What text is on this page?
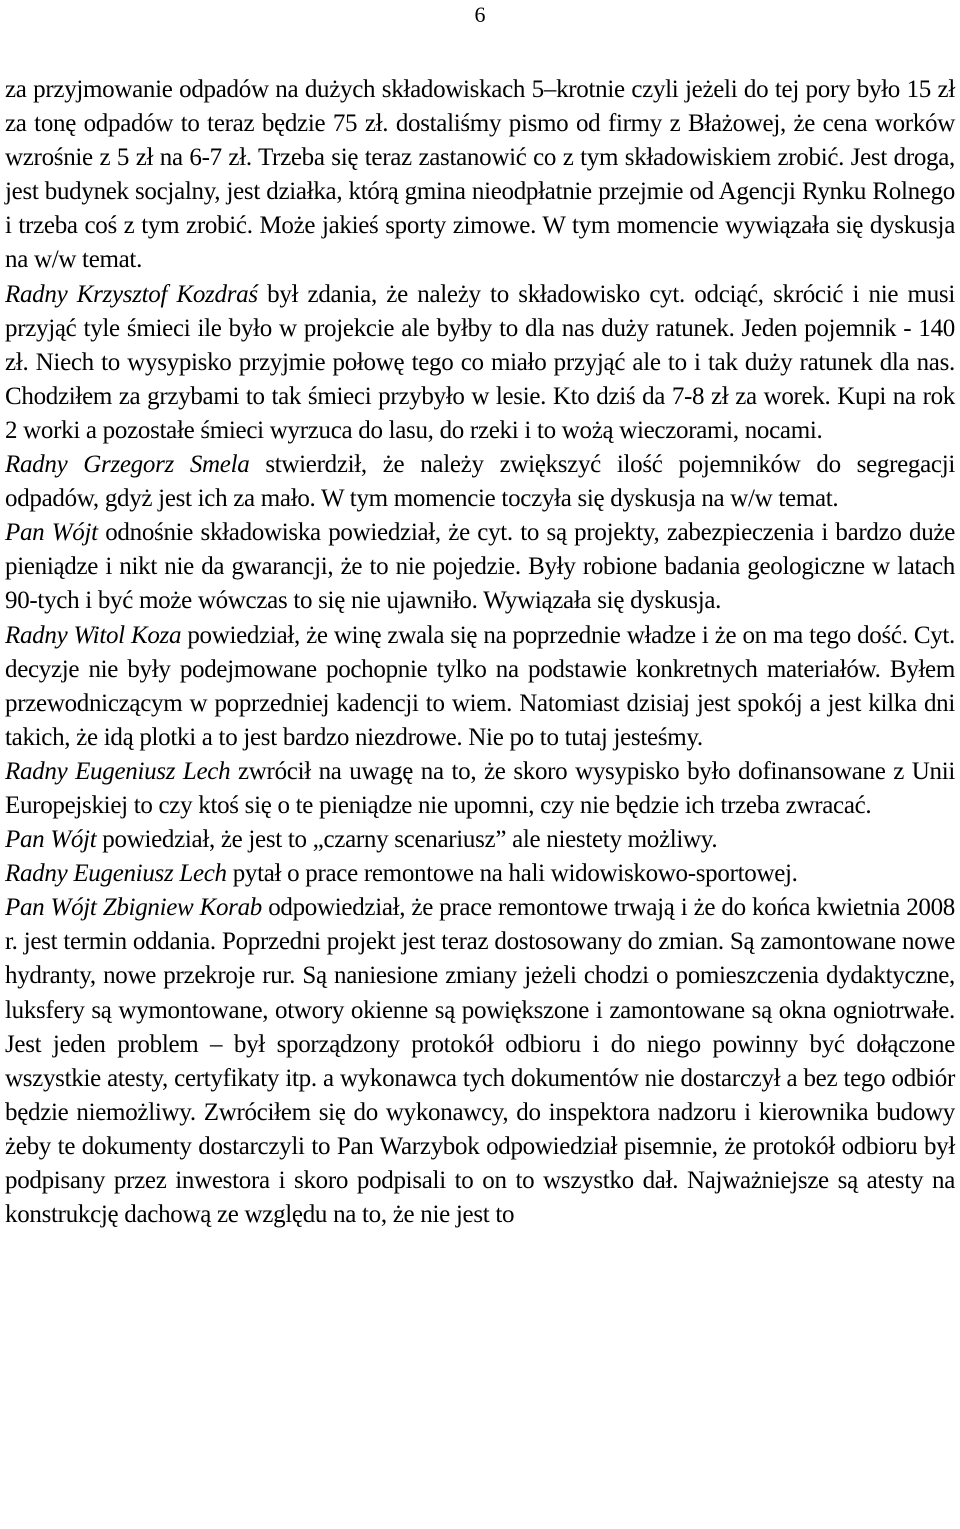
6

za przyjmowanie odpadów na dużych składowiskach 5–krotnie czyli jeżeli do tej pory było 15 zł za tonę odpadów to teraz będzie 75 zł. dostaliśmy pismo od firmy z Błażowej, że cena worków wzrośnie z 5 zł na 6-7 zł. Trzeba się teraz zastanowić co z tym składowiskiem zrobić. Jest droga, jest budynek socjalny, jest działka, którą gmina nieodpłatnie przejmie od Agencji Rynku Rolnego i trzeba coś z tym zrobić. Może jakieś sporty zimowe. W tym momencie wywiązała się dyskusja na w/w temat.

Radny Krzysztof Kozdraś był zdania, że należy to składowisko cyt. odciąć, skrócić i nie musi przyjąć tyle śmieci ile było w projekcie ale byłby to dla nas duży ratunek. Jeden pojemnik - 140 zł. Niech to wysypisko przyjmie połowę tego co miało przyjąć ale to i tak duży ratunek dla nas. Chodziłem za grzybami to tak śmieci przybyło w lesie. Kto dziś da 7-8 zł za worek. Kupi na rok 2 worki a pozostałe śmieci wyrzuca do lasu, do rzeki i to wożą wieczorami, nocami.

Radny Grzegorz Smela stwierdził, że należy zwiększyć ilość pojemników do segregacji odpadów, gdyż jest ich za mało. W tym momencie toczyła się dyskusja na w/w temat.

Pan Wójt odnośnie składowiska powiedział, że cyt. to są projekty, zabezpieczenia i bardzo duże pieniądze i nikt nie da gwarancji, że to nie pojedzie. Były robione badania geologiczne w latach 90-tych i być może wówczas to się nie ujawniło. Wywiązała się dyskusja.

Radny Witol Koza powiedział, że winę zwala się na poprzednie władze i że on ma tego dość. Cyt. decyzje nie były podejmowane pochopnie tylko na podstawie konkretnych materiałów. Byłem przewodniczącym w poprzedniej kadencji to wiem. Natomiast dzisiaj jest spokój a jest kilka dni takich, że idą plotki a to jest bardzo niezdrowe. Nie po to tutaj jesteśmy.

Radny Eugeniusz Lech zwrócił na uwagę na to, że skoro wysypisko było dofinansowane z Unii Europejskiej to czy ktoś się o te pieniądze nie upomni, czy nie będzie ich trzeba zwracać.

Pan Wójt powiedział, że jest to „czarny scenariusz” ale niestety możliwy.

Radny Eugeniusz Lech pytał o prace remontowe na hali widowiskowo-sportowej.

Pan Wójt Zbigniew Korab odpowiedział, że prace remontowe trwają i że do końca kwietnia 2008 r. jest termin oddania. Poprzedni projekt jest teraz dostosowany do zmian. Są zamontowane nowe hydranty, nowe przekroje rur. Są naniesione zmiany jeżeli chodzi o pomieszczenia dydaktyczne, luksfery są wymontowane, otwory okienne są powiększone i zamontowane są okna ogniotrwałe. Jest jeden problem – był sporządzony protokół odbioru i do niego powinny być dołączone wszystkie atesty, certyfikaty itp. a wykonawca tych dokumentów nie dostarczył a bez tego odbiór będzie niemożliwy. Zwróciłem się do wykonawcy, do inspektora nadzoru i kierownika budowy żeby te dokumenty dostarczyli to Pan Warzybok odpowiedział pisemnie, że protokół odbioru był podpisany przez inwestora i skoro podpisali to on to wszystko dał. Najważniejsze są atesty na konstrukcję dachową ze względu na to, że nie jest to
